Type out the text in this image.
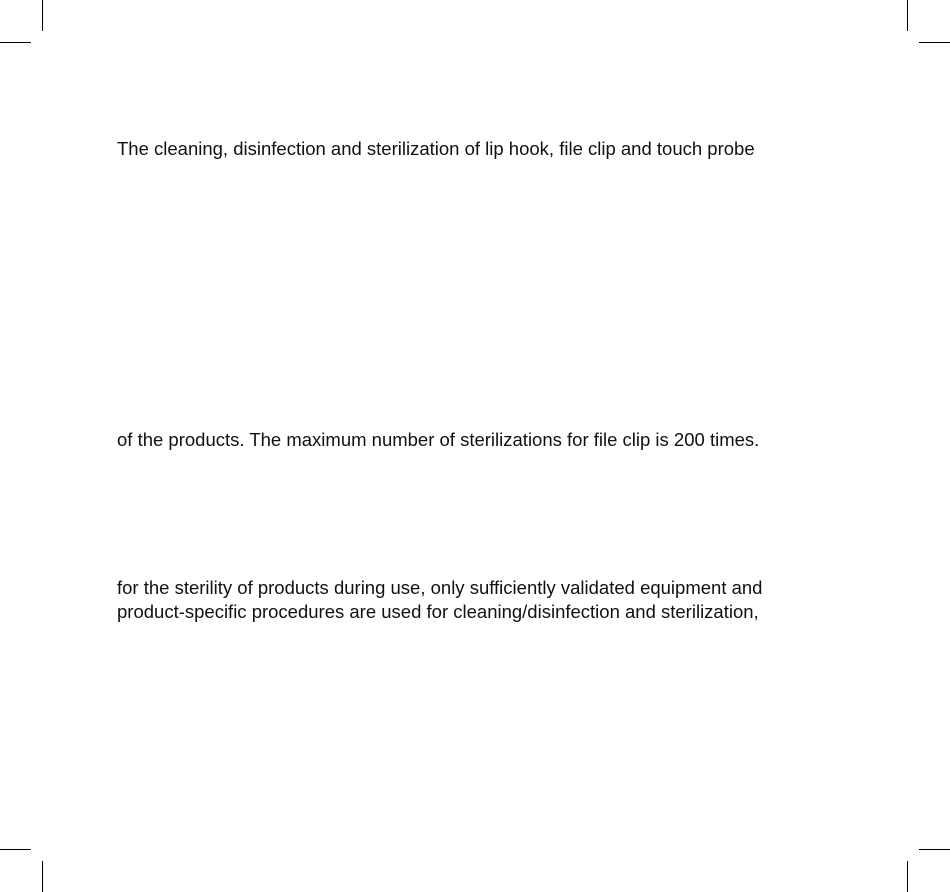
The cleaning, disinfection and sterilization of lip hook, file clip and touch probe

of the products. The maximum number of sterilizations for file clip is 200 times.

for the sterility of products during use, only sufficiently validated equipment and

product-specific procedures are used for cleaning/disinfection and sterilization,
